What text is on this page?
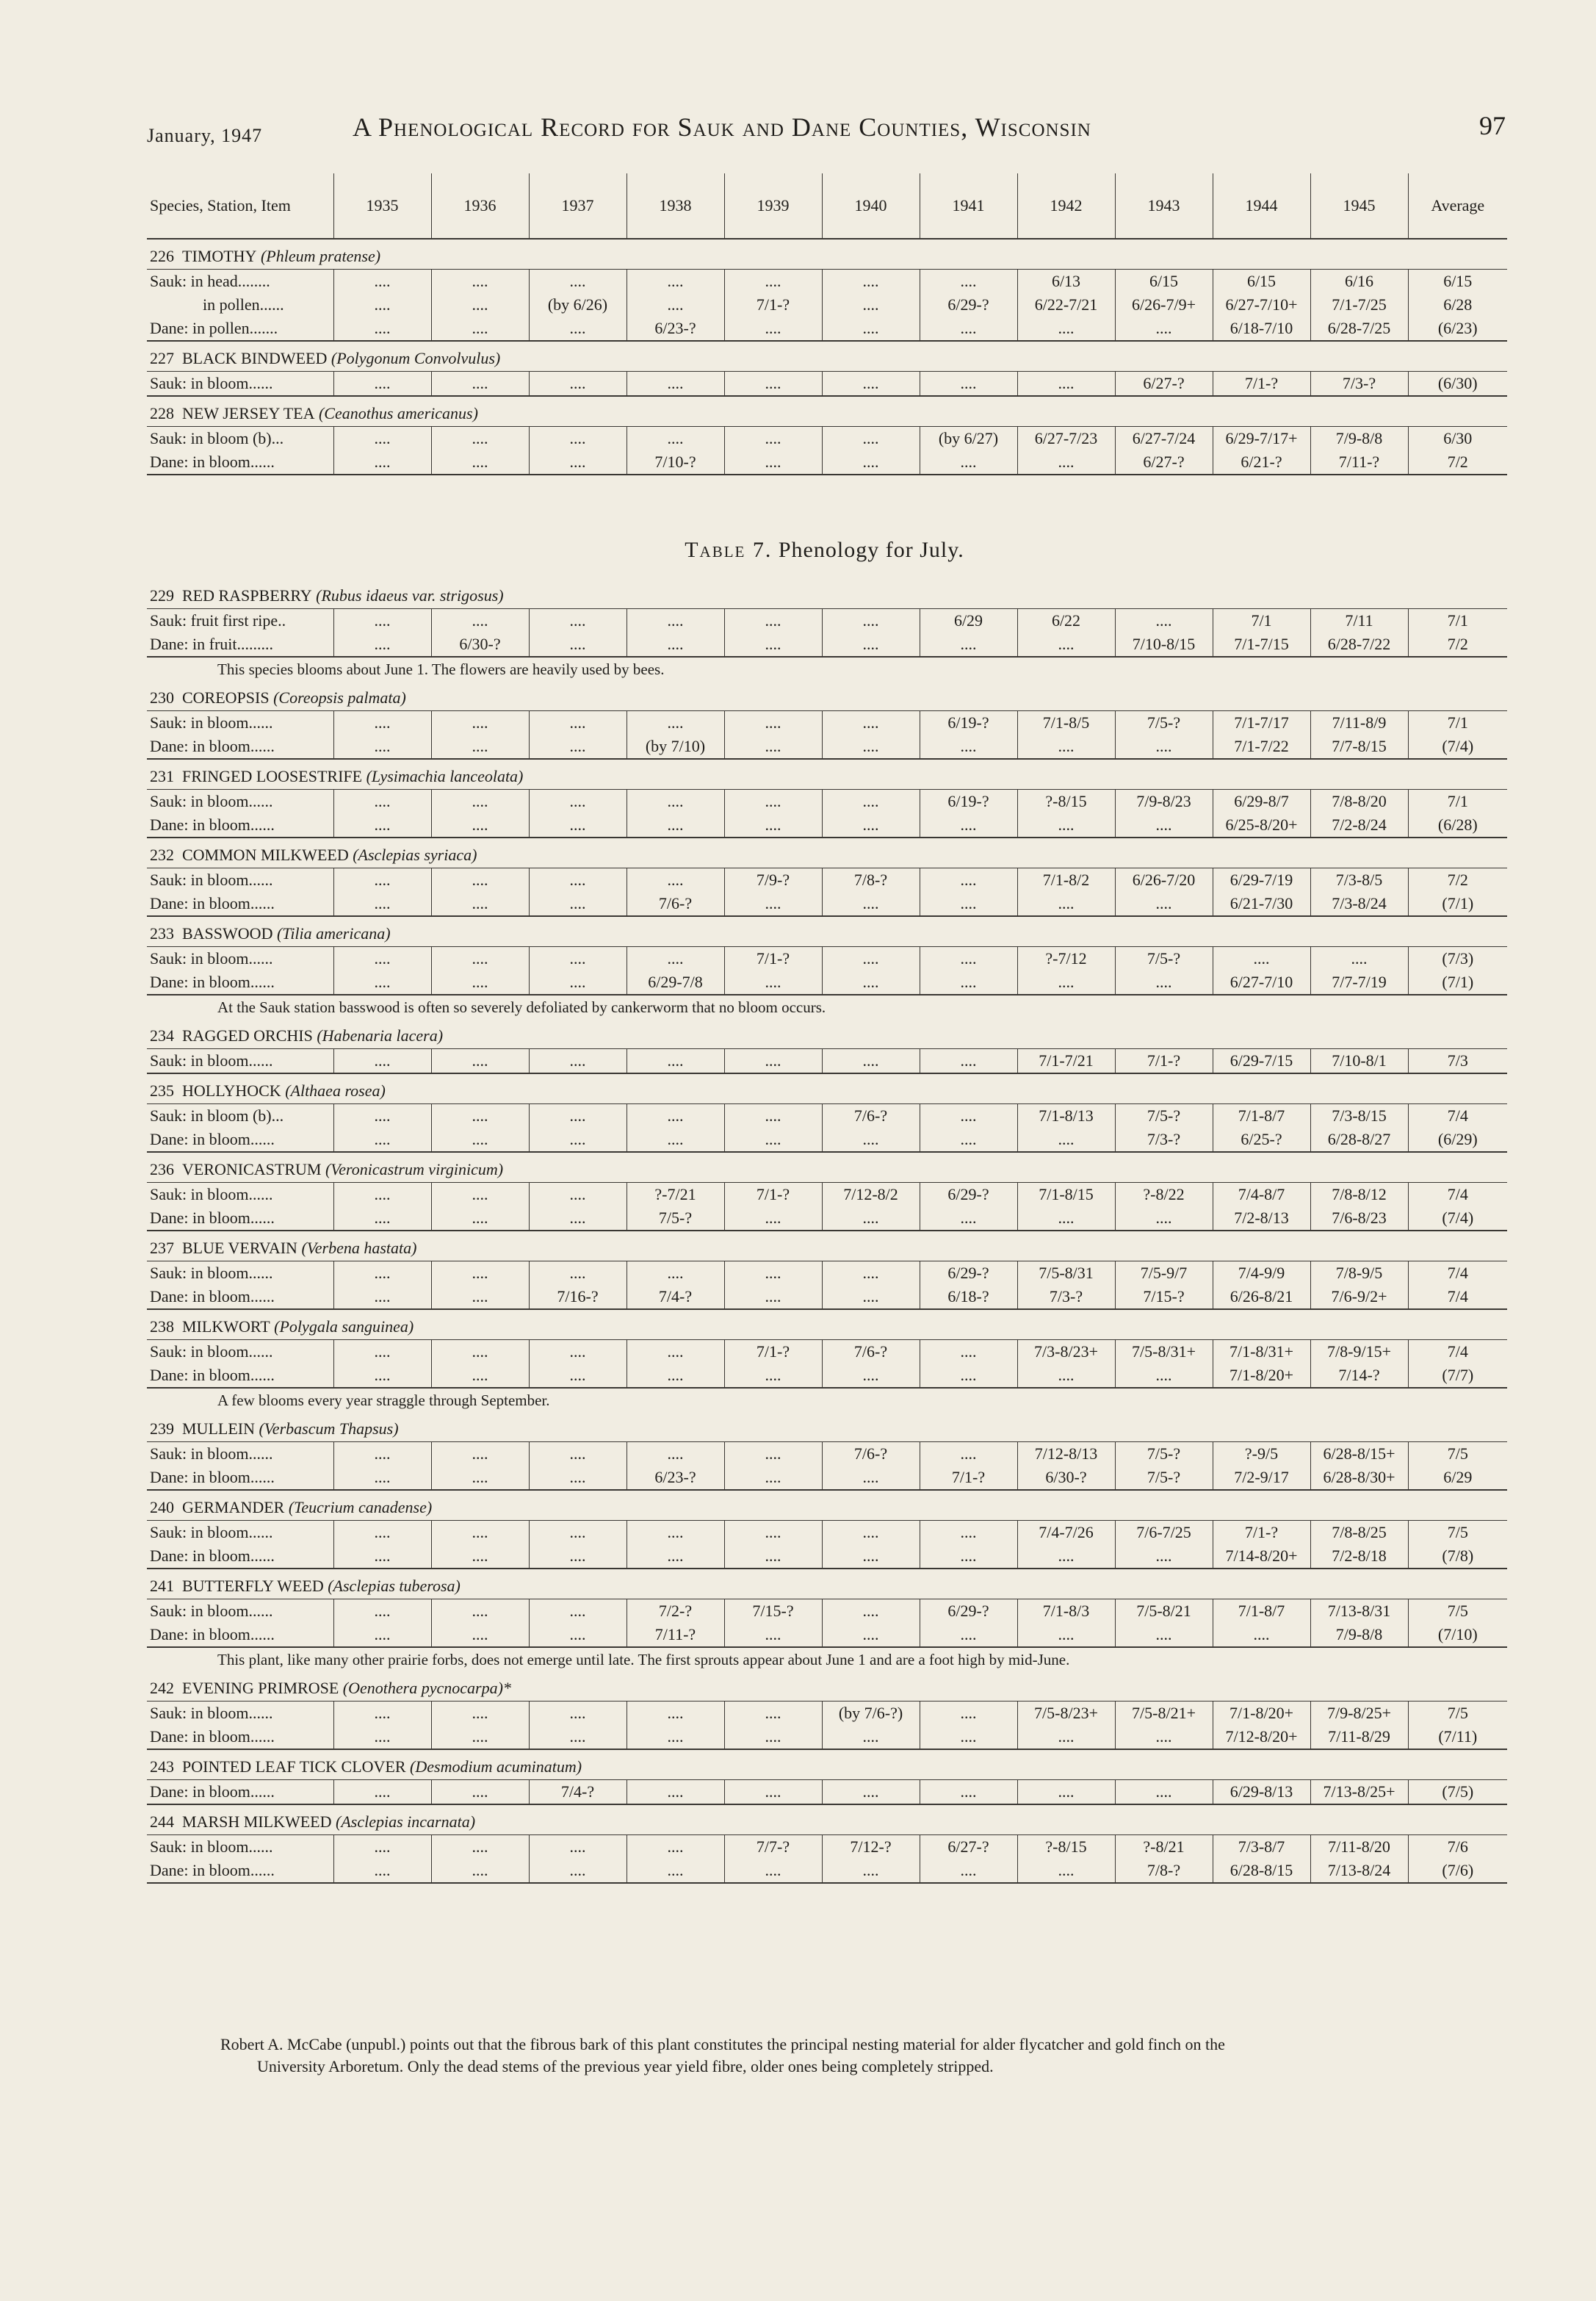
January, 1947	A Phenological Record for Sauk and Dane Counties, Wisconsin	97
Species, Station, Item	1935	1936	1937	1938	1939	1940	1941	1942	1943	1944	1945	Average
226 TIMOTHY (Phleum pratense)												
Sauk: in head........	....	....	....	....	....	....	....	6/13	6/15	6/15	6/16	6/15
in pollen......	....	....	(by 6/26)	....	7/1-?	....	6/29-?	6/22-7/21	6/26-7/9+	6/27-7/10+	7/1-7/25	6/28
Dane: in pollen.......	....	....	....	6/23-?	....	....	....	....	....	6/18-7/10	6/28-7/25	(6/23)
227 BLACK BINDWEED (Polygonum Convolvulus)												
Sauk: in bloom......	....	....	....	....	....	....	....	....	6/27-?	7/1-?	7/3-?	(6/30)
228 NEW JERSEY TEA (Ceanothus americanus)												
Sauk: in bloom (b)...	....	....	....	....	....	....	(by 6/27)	6/27-7/23	6/27-7/24	6/29-7/17+	7/9-8/8	6/30
Dane: in bloom......	....	....	....	7/10-?	....	....	....	....	6/27-?	6/21-?	7/11-?	7/2
Table 7. Phenology for July.
229 RED RASPBERRY (Rubus idaeus var. strigosus)												
Sauk: fruit first ripe..	....	....	....	....	....	....	6/29	6/22	....	7/1	7/11	7/1
Dane: in fruit.........	....	6/30-?	....	....	....	....	....	....	7/10-8/15	7/1-7/15	6/28-7/22	7/2
This species blooms about June 1. The flowers are heavily used by bees.												
230 COREOPSIS (Coreopsis palmata)												
Sauk: in bloom......	....	....	....	....	....	....	6/19-?	7/1-8/5	7/5-?	7/1-7/17	7/11-8/9	7/1
Dane: in bloom......	....	....	....	(by 7/10)	....	....	....	....	....	7/1-7/22	7/7-8/15	(7/4)
231 FRINGED LOOSESTRIFE (Lysimachia lanceolata)												
Sauk: in bloom......	....	....	....	....	....	....	6/19-?	?-8/15	7/9-8/23	6/29-8/7	7/8-8/20	7/1
Dane: in bloom......	....	....	....	....	....	....	....	....	....	6/25-8/20+	7/2-8/24	(6/28)
232 COMMON MILKWEED (Asclepias syriaca)												
Sauk: in bloom......	....	....	....	....	7/9-?	7/8-?	....	7/1-8/2	6/26-7/20	6/29-7/19	7/3-8/5	7/2
Dane: in bloom......	....	....	....	7/6-?	....	....	....	....	....	6/21-7/30	7/3-8/24	(7/1)
233 BASSWOOD (Tilia americana)												
Sauk: in bloom......	....	....	....	....	7/1-?	....	....	?-7/12	7/5-?	....	....	(7/3)
Dane: in bloom......	....	....	....	6/29-7/8	....	....	....	....	....	6/27-7/10	7/7-7/19	(7/1)
At the Sauk station basswood is often so severely defoliated by cankerworm that no bloom occurs.												
234 RAGGED ORCHIS (Habenaria lacera)												
Sauk: in bloom......	....	....	....	....	....	....	....	7/1-7/21	7/1-?	6/29-7/15	7/10-8/1	7/3
235 HOLLYHOCK (Althaea rosea)												
Sauk: in bloom (b)...	....	....	....	....	....	7/6-?	....	7/1-8/13	7/5-?	7/1-8/7	7/3-8/15	7/4
Dane: in bloom......	....	....	....	....	....	....	....	....	7/3-?	6/25-?	6/28-8/27	(6/29)
236 VERONICASTRUM (Veronicastrum virginicum)												
Sauk: in bloom......	....	....	....	?-7/21	7/1-?	7/12-8/2	6/29-?	7/1-8/15	?-8/22	7/4-8/7	7/8-8/12	7/4
Dane: in bloom......	....	....	....	7/5-?	....	....	....	....	....	7/2-8/13	7/6-8/23	(7/4)
237 BLUE VERVAIN (Verbena hastata)												
Sauk: in bloom......	....	....	....	....	....	....	6/29-?	7/5-8/31	7/5-9/7	7/4-9/9	7/8-9/5	7/4
Dane: in bloom......	....	....	7/16-?	7/4-?	....	....	6/18-?	7/3-?	7/15-?	6/26-8/21	7/6-9/2+	7/4
238 MILKWORT (Polygala sanguinea)												
Sauk: in bloom......	....	....	....	....	7/1-?	7/6-?	....	7/3-8/23+	7/5-8/31+	7/1-8/31+	7/8-9/15+	7/4
Dane: in bloom......	....	....	....	....	....	....	....	....	....	7/1-8/20+	7/14-?	(7/7)
A few blooms every year straggle through September.												
239 MULLEIN (Verbascum Thapsus)												
Sauk: in bloom......	....	....	....	....	....	7/6-?	....	7/12-8/13	7/5-?	?-9/5	6/28-8/15+	7/5
Dane: in bloom......	....	....	....	6/23-?	....	....	7/1-?	6/30-?	7/5-?	7/2-9/17	6/28-8/30+	6/29
240 GERMANDER (Teucrium canadense)												
Sauk: in bloom......	....	....	....	....	....	....	....	7/4-7/26	7/6-7/25	7/1-?	7/8-8/25	7/5
Dane: in bloom......	....	....	....	....	....	....	....	....	....	7/14-8/20+	7/2-8/18	(7/8)
241 BUTTERFLY WEED (Asclepias tuberosa)												
Sauk: in bloom......	....	....	....	7/2-?	7/15-?	....	6/29-?	7/1-8/3	7/5-8/21	7/1-8/7	7/13-8/31	7/5
Dane: in bloom......	....	....	....	7/11-?	....	....	....	....	....	....	7/9-8/8	(7/10)
This plant, like many other prairie forbs, does not emerge until late. The first sprouts appear about June 1 and are a foot high by mid-June.												
242 EVENING PRIMROSE (Oenothera pycnocarpa)*												
Sauk: in bloom......	....	....	....	....	....	(by 7/6-?)	....	7/5-8/23+	7/5-8/21+	7/1-8/20+	7/9-8/25+	7/5
Dane: in bloom......	....	....	....	....	....	....	....	....	....	7/12-8/20+	7/11-8/29	(7/11)
243 POINTED LEAF TICK CLOVER (Desmodium acuminatum)												
Dane: in bloom......	....	....	7/4-?	....	....	....	....	....	....	6/29-8/13	7/13-8/25+	(7/5)
244 MARSH MILKWEED (Asclepias incarnata)												
Sauk: in bloom......	....	....	....	....	7/7-?	7/12-?	6/27-?	?-8/15	?-8/21	7/3-8/7	7/11-8/20	7/6
Dane: in bloom......	....	....	....	....	....	....	....	....	7/8-?	6/28-8/15	7/13-8/24	(7/6)
Robert A. McCabe (unpubl.) points out that the fibrous bark of this plant constitutes the principal nesting material for alder flycatcher and gold finch on the
University Arboretum. Only the dead stems of the previous year yield fibre, older ones being completely stripped.
